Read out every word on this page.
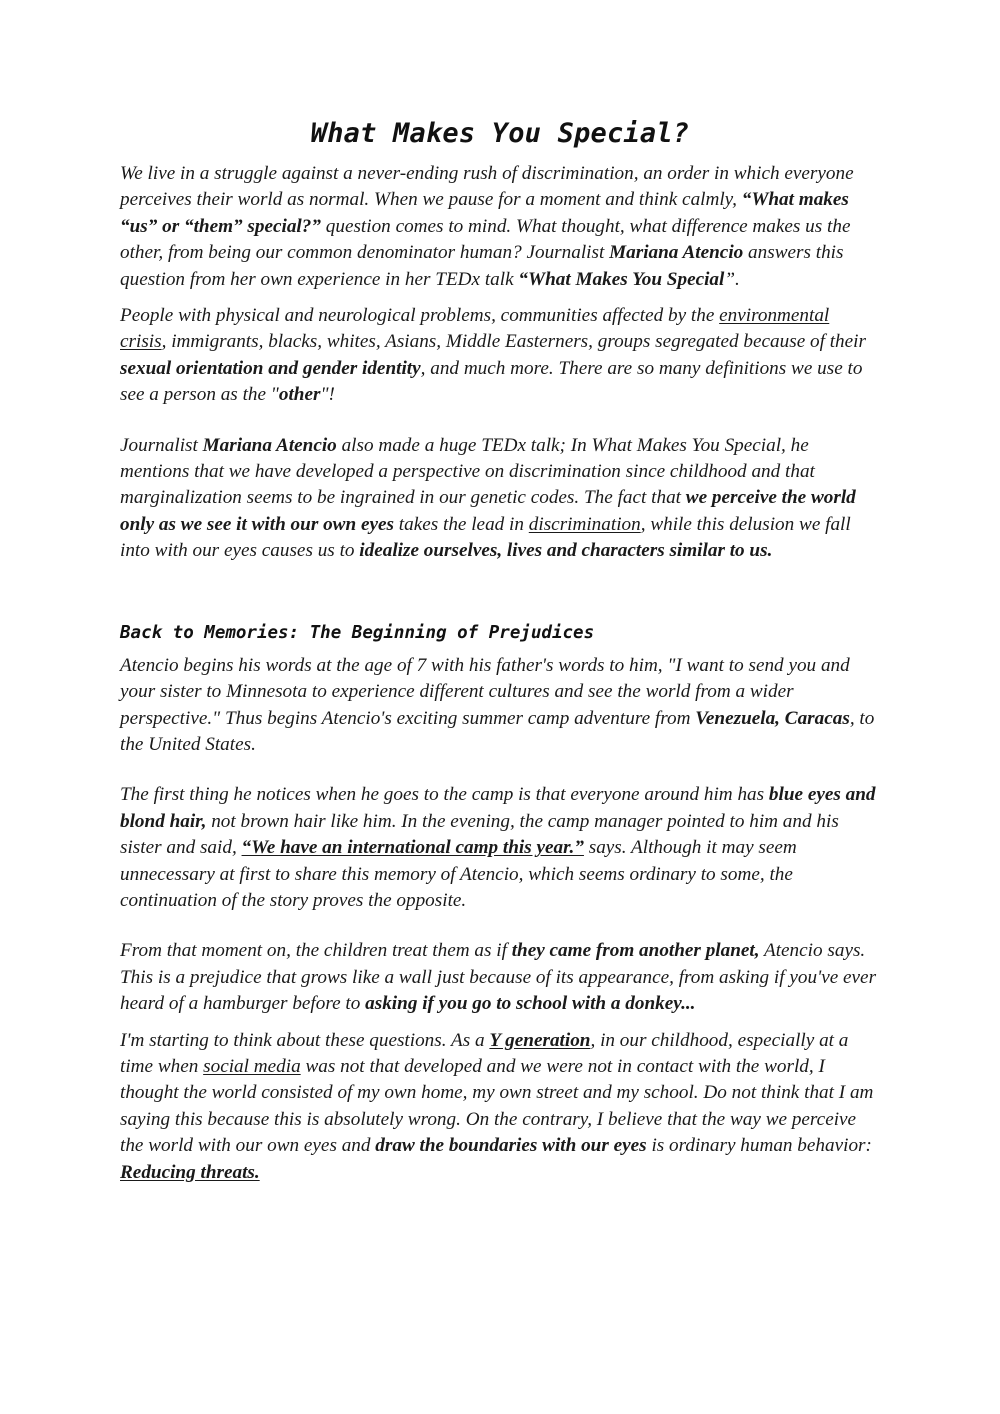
What Makes You Special?

We live in a struggle against a never-ending rush of discrimination, an order in which everyone perceives their world as normal. When we pause for a moment and think calmly, “What makes “us” or “them” special?” question comes to mind. What thought, what difference makes us the other, from being our common denominator human? Journalist Mariana Atencio answers this question from her own experience in her TEDx talk “What Makes You Special”.

People with physical and neurological problems, communities affected by the environmental crisis, immigrants, blacks, whites, Asians, Middle Easterners, groups segregated because of their sexual orientation and gender identity, and much more. There are so many definitions we use to see a person as the "other"!

Journalist Mariana Atencio also made a huge TEDx talk; In What Makes You Special, he mentions that we have developed a perspective on discrimination since childhood and that marginalization seems to be ingrained in our genetic codes. The fact that we perceive the world only as we see it with our own eyes takes the lead in discrimination, while this delusion we fall into with our eyes causes us to idealize ourselves, lives and characters similar to us.

Back to Memories: The Beginning of Prejudices

Atencio begins his words at the age of 7 with his father's words to him, "I want to send you and your sister to Minnesota to experience different cultures and see the world from a wider perspective." Thus begins Atencio's exciting summer camp adventure from Venezuela, Caracas, to the United States.

The first thing he notices when he goes to the camp is that everyone around him has blue eyes and blond hair, not brown hair like him. In the evening, the camp manager pointed to him and his sister and said, “We have an international camp this year.” says. Although it may seem unnecessary at first to share this memory of Atencio, which seems ordinary to some, the continuation of the story proves the opposite.

From that moment on, the children treat them as if they came from another planet, Atencio says. This is a prejudice that grows like a wall just because of its appearance, from asking if you've ever heard of a hamburger before to asking if you go to school with a donkey...

I'm starting to think about these questions. As a Y generation, in our childhood, especially at a time when social media was not that developed and we were not in contact with the world, I thought the world consisted of my own home, my own street and my school. Do not think that I am saying this because this is absolutely wrong. On the contrary, I believe that the way we perceive the world with our own eyes and draw the boundaries with our eyes is ordinary human behavior: Reducing threats.
